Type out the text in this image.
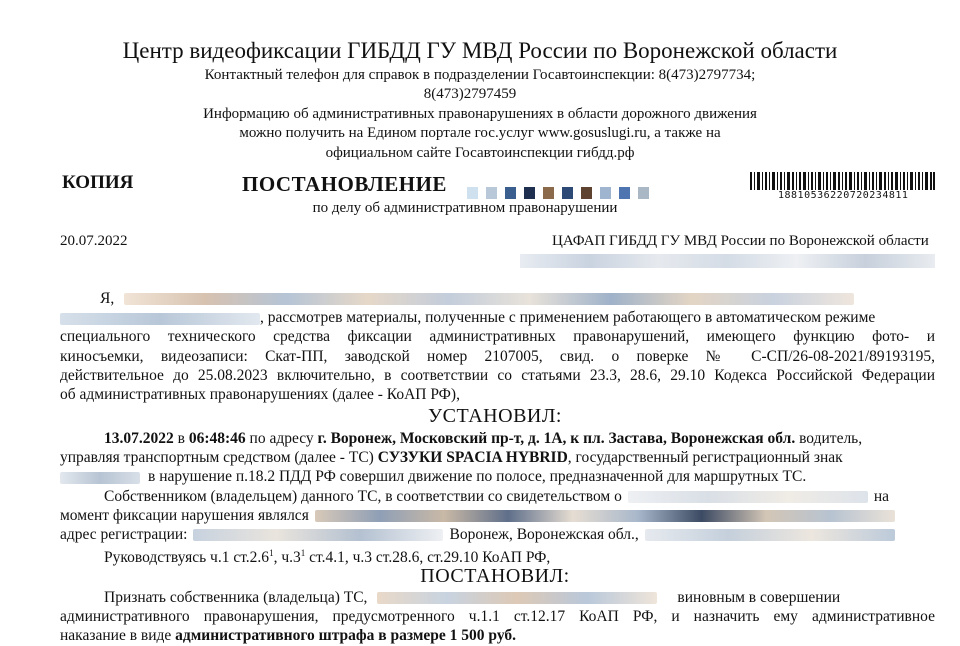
Центр видеофиксации ГИБДД ГУ МВД России по Воронежской области
Контактный телефон для справок в подразделении Госавтоинспекции: 8(473)2797734;
8(473)2797459
Информацию об административных правонарушениях в области дорожного движения
можно получить на Едином портале гос.услуг www.gosuslugi.ru, а также на
официальном сайте Госавтоинспекции гибдд.рф
КОПИЯ	ПОСТАНОВЛЕНИЕ	18810536220720234811
по делу об административном правонарушении
20.07.2022	ЦАФАП ГИБДД ГУ МВД России по Воронежской области
Я,
, рассмотрев материалы, полученные с применением работающего в автоматическом режиме
специального технического средства фиксации административных правонарушений, имеющего функцию фото- и
киносъемки, видеозаписи: Скат-ПП, заводской номер 2107005, свид. о поверке № С-СП/26-08-2021/89193195,
действительное до 25.08.2023 включительно, в соответствии со статьями 23.3, 28.6, 29.10 Кодекса Российской Федерации
об административных правонарушениях (далее - КоАП РФ),
УСТАНОВИЛ:
13.07.2022 в 06:48:46 по адресу г. Воронеж, Московский пр-т, д. 1А, к пл. Застава, Воронежская обл. водитель,
управляя транспортным средством (далее - ТС) СУЗУКИ SPACIA HYBRID, государственный регистрационный знак
в нарушение п.18.2 ПДД РФ совершил движение по полосе, предназначенной для маршрутных ТС.
Собственником (владельцем) данного ТС, в соответствии со свидетельством о	на
момент фиксации нарушения являлся
адрес регистрации:	Воронеж, Воронежская обл.,
Руководствуясь ч.1 ст.2.6$^1$, $ч.3^1$ ст.4.1, ч.3 ст.28.6, ст.29.10 КоАП РФ,
ПОСТАНОВИЛ:
Признать собственника (владельца) ТС,	виновным в совершении
административного правонарушения, предусмотренного ч.1.1 ст.12.17 КоАП РФ, и назначить ему административное
наказание в виде административного штрафа в размере 1 500 руб.
